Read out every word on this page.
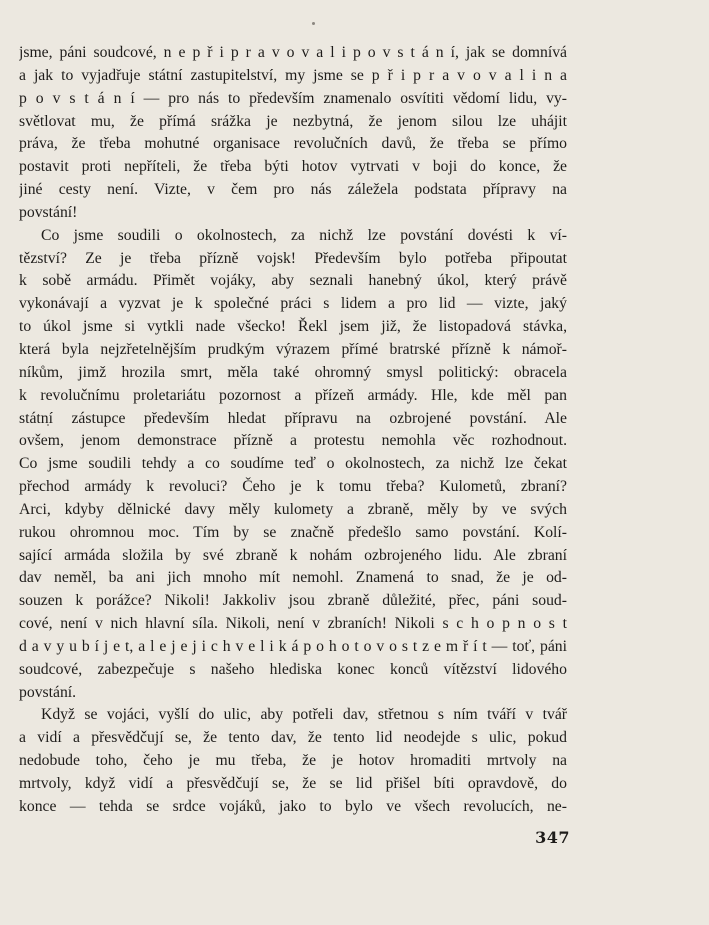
jsme, páni soudcové, n e p ř i p r a v o v a l i p o v s t á n í, jak se domnívá
a jak to vyjadřuje státní zastupitelství, my jsme se p ř i p r a v o v a l i n a
p o v s t á n í — pro nás to především znamenalo osvítiti vědomí lidu, vy-
světlovat mu, že přímá srážka je nezbytná, že jenom silou lze uhájit
práva, že třeba mohutné organisace revolučních davů, že třeba se přímo
postavit proti nepříteli, že třeba býti hotov vytrvati v boji do konce, že
jiné cesty není. Vizte, v čem pro nás záležela podstata přípravy na
povstání!

Co jsme soudili o okolnostech, za nichž lze povstání dovésti k ví-
tězství? Ze je třeba přízně vojsk! Především bylo potřeba připoutat
k sobě armádu. Přimět vojáky, aby seznali hanebný úkol, který právě
vykonávají a vyzvat je k společné práci s lidem a pro lid — vizte, jaký
to úkol jsme si vytkli nade všecko! Řekl jsem již, že listopadová stávka,
která byla nejzřetelnějším prudkým výrazem přímé bratrské přízně k námoř-
níkům, jimž hrozila smrt, měla také ohromný smysl politický: obracela
k revolučnímu proletariátu pozornost a přízeň armády. Hle, kde měl pan
státní zástupce především hledat přípravu na ozbrojené povstání. Ale
ovšem, jenom demonstrace přízně a protestu nemohla věc rozhodnout.
Co jsme soudili tehdy a co soudíme teď o okolnostech, za nichž lze čekat
přechod armády k revoluci? Čeho je k tomu třeba? Kulometů, zbraní?
Arci, kdyby dělnické davy měly kulomety a zbraně, měly by ve svých
rukou ohromnou moc. Tím by se značně předešlo samo povstání. Kolí-
sající armáda složila by své zbraně k nohám ozbrojeného lidu. Ale zbraní
dav neměl, ba ani jich mnoho mít nemohl. Znamená to snad, že je od-
souzen k porážce? Nikoli! Jakkoliv jsou zbraně důležité, přec, páni soud-
cové, není v nich hlavní síla. Nikoli, není v zbraních! Nikoli s c h o p n o s t
d a v y u b í j e t, a l e j e j i c h v e l i k á p o h o t o v o s t z e m ř í t — toť, páni
soudcové, zabezpečuje s našeho hlediska konec konců vítězství lidového
povstání.

Když se vojáci, vyšlí do ulic, aby potřeli dav, střetnou s ním tváří v tvář
a vidí a přesvědčují se, že tento dav, že tento lid neodejde s ulic, pokud
nedobude toho, čeho je mu třeba, že je hotov hromaditi mrtvoly na
mrtvoly, když vidí a přesvědčují se, že se lid přišel bíti opravdově, do
konce — tehda se srdce vojáků, jako to bylo ve všech revolucích, ne-

347
